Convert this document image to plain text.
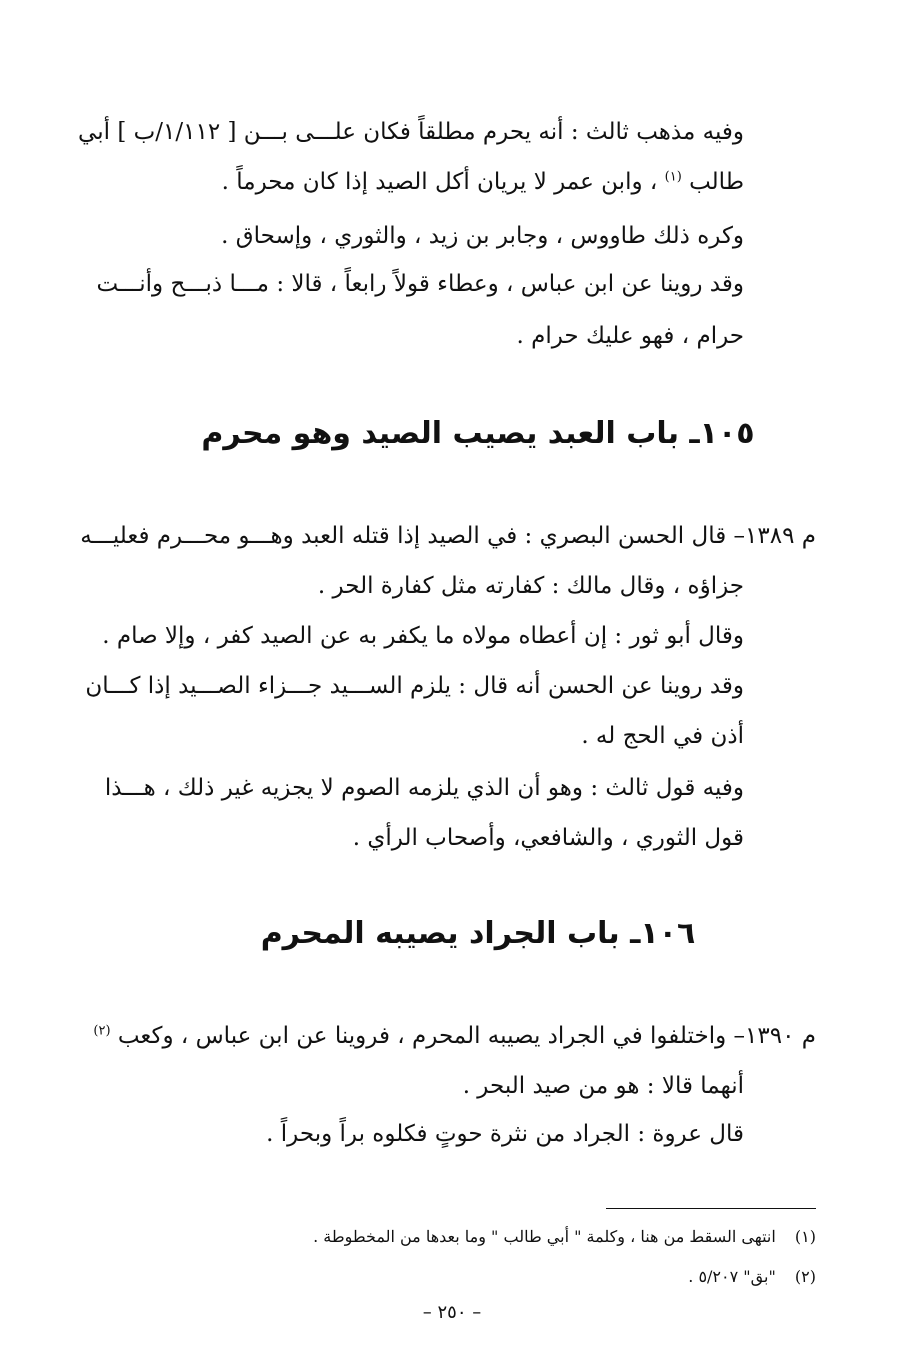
وفيه مذهب ثالث : أنه يحرم مطلقاً فكان علـــى بـــن [ ١/١١٢/ب ] أبي
طالب $^{(١)}$ ، وابن عمر لا يريان أكل الصيد إذا كان محرماً .
وكره ذلك طاووس ، وجابر بن زيد ، والثوري ، وإسحاق .
وقد روينا عن ابن عباس ، وعطاء قولاً رابعاً ، قالا : مـــا ذبـــح وأنـــت
حرام ، فهو عليك حرام .
١٠٥ـ باب العبد يصيب الصيد وهو محرم
م ١٣٨٩– قال الحسن البصري : في الصيد إذا قتله العبد وهـــو محـــرم فعليـــه
جزاؤه ، وقال مالك : كفارته مثل كفارة الحر .
وقال أبو ثور : إن أعطاه مولاه ما يكفر به عن الصيد كفر ، وإلا صام .
وقد روينا عن الحسن أنه قال : يلزم الســـيد جـــزاء الصـــيد إذا كـــان
أذن في الحج له .
وفيه قول ثالث : وهو أن الذي يلزمه الصوم لا يجزيه غير ذلك ، هـــذا
قول الثوري ، والشافعي، وأصحاب الرأي .
١٠٦ـ باب الجراد يصيبه المحرم
م ١٣٩٠– واختلفوا في الجراد يصيبه المحرم ، فروينا عن ابن عباس ، وكعب $^{(٢)}$
أنهما قالا : هو من صيد البحر .
قال عروة : الجراد من نثرة حوتٍ فكلوه براً وبحراً .
(١) انتهى السقط من هنا ، وكلمة " أبي طالب " وما بعدها من المخطوطة .
(٢) "بق" ٥/٢٠٧ .
– ٢٥٠ –
